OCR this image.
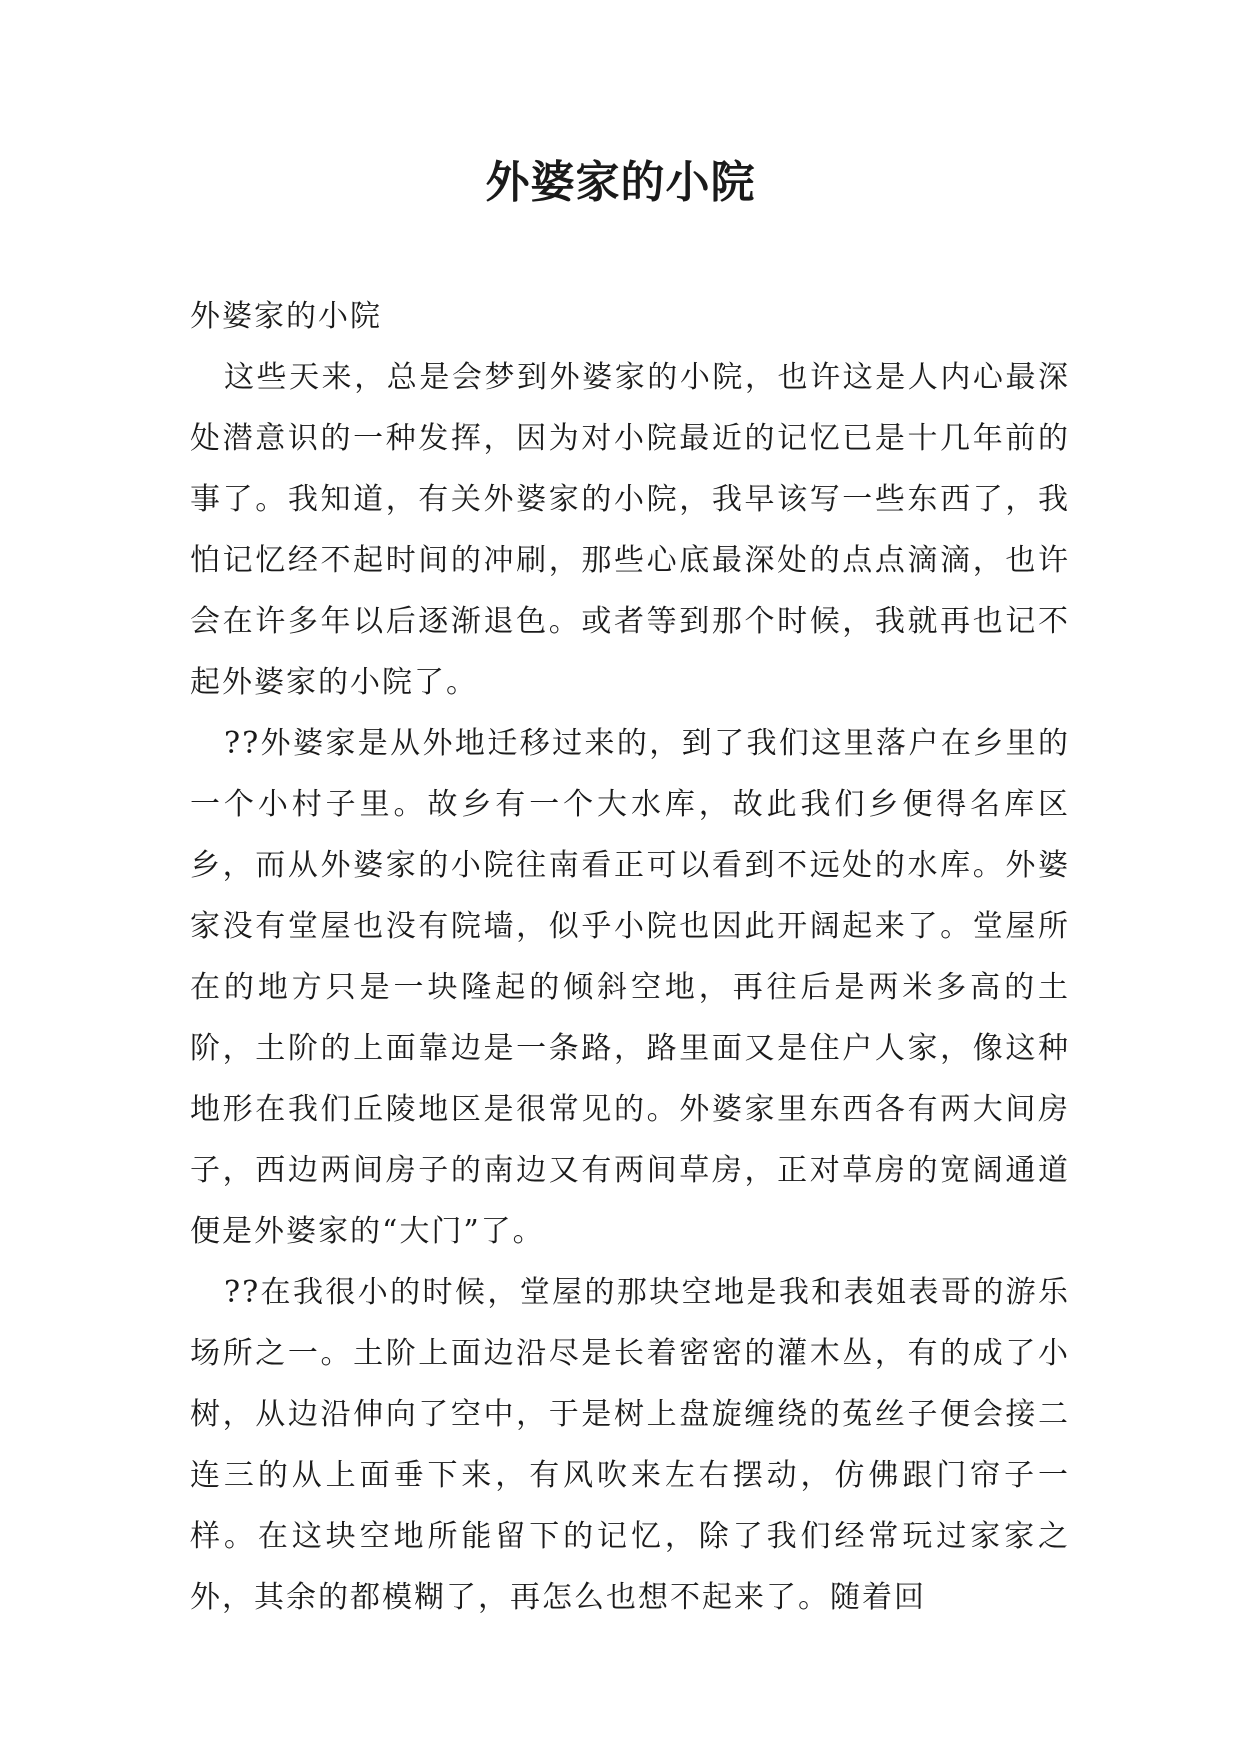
外婆家的小院

外婆家的小院

这些天来，总是会梦到外婆家的小院，也许这是人内心最深处潜意识的一种发挥，因为对小院最近的记忆已是十几年前的事了。我知道，有关外婆家的小院，我早该写一些东西了，我怕记忆经不起时间的冲刷，那些心底最深处的点点滴滴，也许会在许多年以后逐渐退色。或者等到那个时候，我就再也记不起外婆家的小院了。

??外婆家是从外地迁移过来的，到了我们这里落户在乡里的一个小村子里。故乡有一个大水库，故此我们乡便得名库区乡，而从外婆家的小院往南看正可以看到不远处的水库。外婆家没有堂屋也没有院墙，似乎小院也因此开阔起来了。堂屋所在的地方只是一块隆起的倾斜空地，再往后是两米多高的土阶，土阶的上面靠边是一条路，路里面又是住户人家，像这种地形在我们丘陵地区是很常见的。外婆家里东西各有两大间房子，西边两间房子的南边又有两间草房，正对草房的宽阔通道便是外婆家的“大门”了。

??在我很小的时候，堂屋的那块空地是我和表姐表哥的游乐场所之一。土阶上面边沿尽是长着密密的灌木丛，有的成了小树，从边沿伸向了空中，于是树上盘旋缠绕的菟丝子便会接二连三的从上面垂下来，有风吹来左右摆动，仿佛跟门帘子一样。在这块空地所能留下的记忆，除了我们经常玩过家家之外，其余的都模糊了，再怎么也想不起来了。随着回
